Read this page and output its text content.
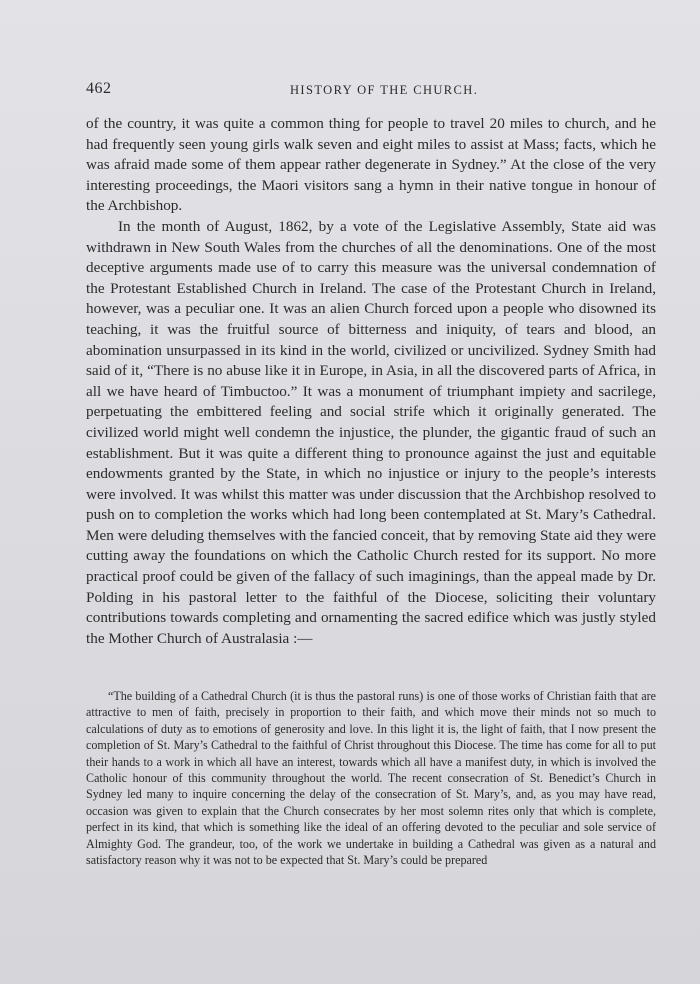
462	HISTORY OF THE CHURCH.

of the country, it was quite a common thing for people to travel 20 miles to church, and he had frequently seen young girls walk seven and eight miles to assist at Mass; facts, which he was afraid made some of them appear rather degenerate in Sydney.” At the close of the very interesting proceedings, the Maori visitors sang a hymn in their native tongue in honour of the Archbishop.

In the month of August, 1862, by a vote of the Legislative Assembly, State aid was withdrawn in New South Wales from the churches of all the denominations. One of the most deceptive arguments made use of to carry this measure was the universal condemnation of the Protestant Established Church in Ireland. The case of the Protestant Church in Ireland, however, was a peculiar one. It was an alien Church forced upon a people who disowned its teaching, it was the fruitful source of bitterness and iniquity, of tears and blood, an abomination unsurpassed in its kind in the world, civilized or uncivilized. Sydney Smith had said of it, “There is no abuse like it in Europe, in Asia, in all the discovered parts of Africa, in all we have heard of Timbuctoo.” It was a monument of triumphant impiety and sacrilege, perpetuating the embittered feeling and social strife which it originally generated. The civilized world might well condemn the injustice, the plunder, the gigantic fraud of such an establishment. But it was quite a different thing to pronounce against the just and equitable endowments granted by the State, in which no injustice or injury to the people’s interests were involved. It was whilst this matter was under discussion that the Archbishop resolved to push on to completion the works which had long been contemplated at St. Mary’s Cathedral. Men were deluding themselves with the fancied conceit, that by removing State aid they were cutting away the foundations on which the Catholic Church rested for its support. No more practical proof could be given of the fallacy of such imaginings, than the appeal made by Dr. Polding in his pastoral letter to the faithful of the Diocese, soliciting their voluntary contributions towards completing and ornamenting the sacred edifice which was justly styled the Mother Church of Australasia :—

“The building of a Cathedral Church (it is thus the pastoral runs) is one of those works of Christian faith that are attractive to men of faith, precisely in proportion to their faith, and which move their minds not so much to calculations of duty as to emotions of generosity and love. In this light it is, the light of faith, that I now present the completion of St. Mary’s Cathedral to the faithful of Christ throughout this Diocese. The time has come for all to put their hands to a work in which all have an interest, towards which all have a manifest duty, in which is involved the Catholic honour of this community throughout the world. The recent consecration of St. Benedict’s Church in Sydney led many to inquire concerning the delay of the consecration of St. Mary’s, and, as you may have read, occasion was given to explain that the Church consecrates by her most solemn rites only that which is complete, perfect in its kind, that which is something like the ideal of an offering devoted to the peculiar and sole service of Almighty God. The grandeur, too, of the work we undertake in building a Cathedral was given as a natural and satisfactory reason why it was not to be expected that St. Mary’s could be prepared
